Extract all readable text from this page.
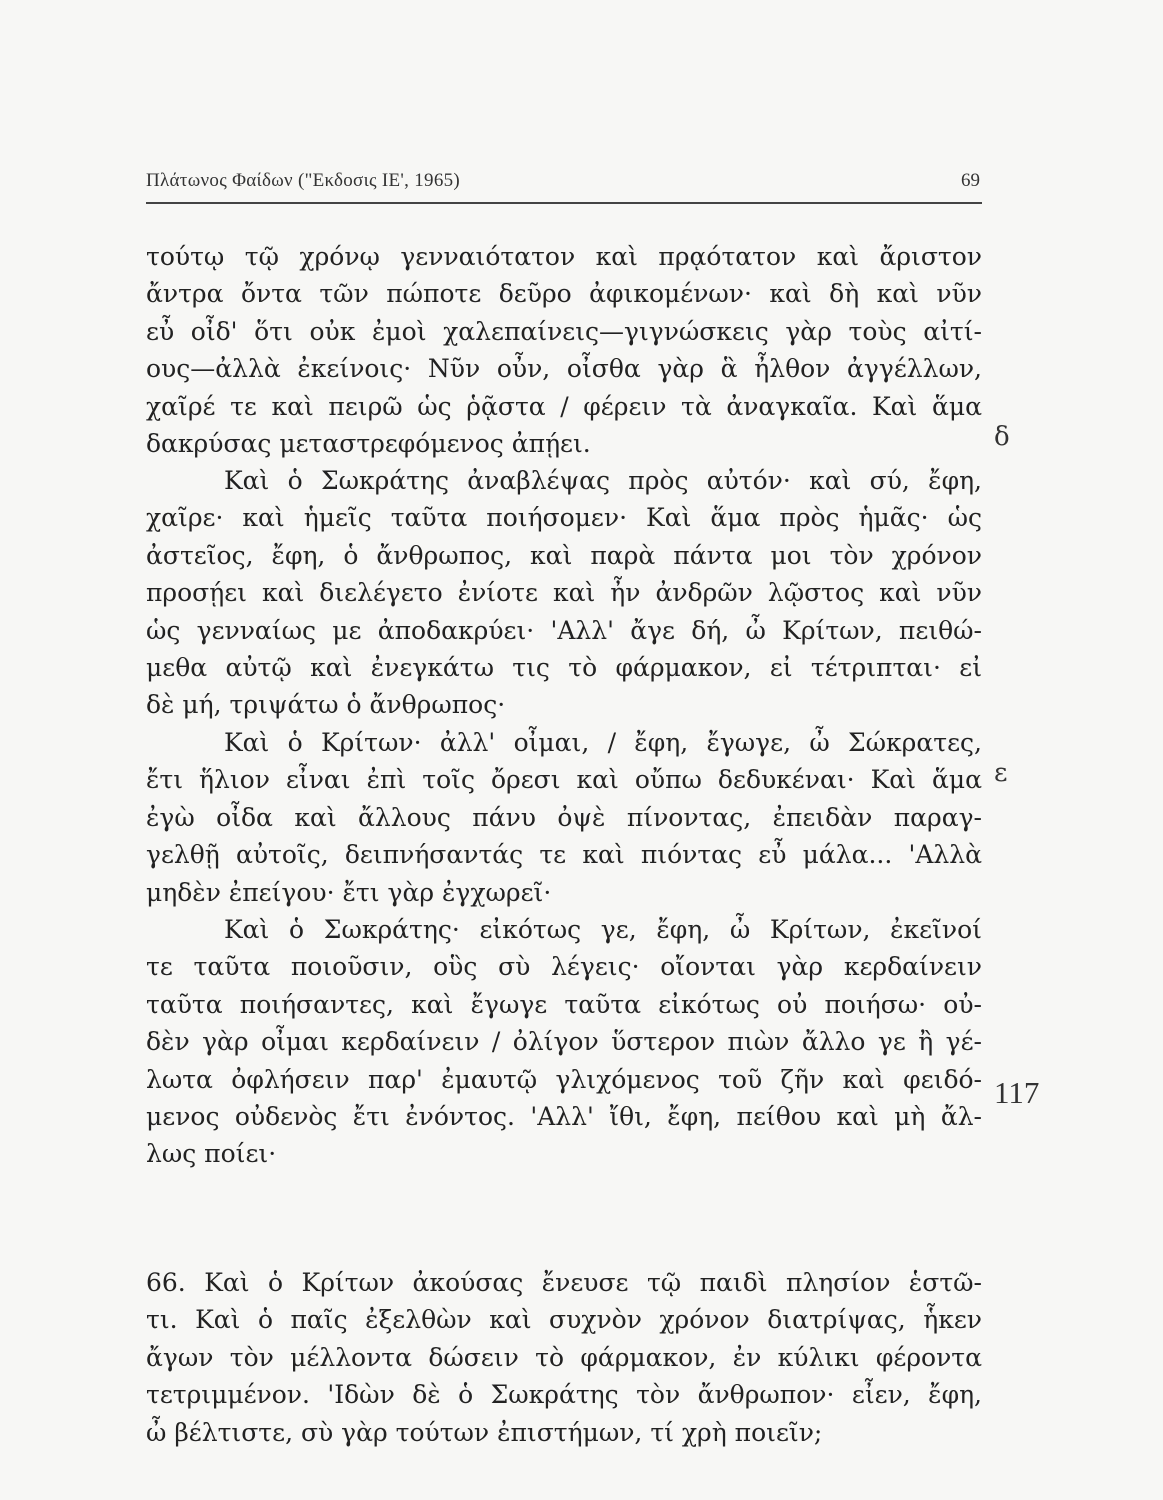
Πλάτωνος Φαίδων ("Εκδοσις ΙΕ', 1965)	69
τούτῳ τῷ χρόνῳ γενναιότατον καὶ πρᾳότατον καὶ ἄριστον
ἄντρα ὄντα τῶν πώποτε δεῦρο ἀφικομένων· καὶ δὴ καὶ νῦν
εὖ οἶδ' ὅτι οὐκ ἐμοὶ χαλεπαίνεις—γιγνώσκεις γὰρ τοὺς αἰτί-
ους—ἀλλὰ ἐκείνοις· Νῦν οὖν, οἶσθα γὰρ ἃ ἦλθον ἀγγέλλων,
χαῖρέ τε καὶ πειρῶ ὡς ῥᾷστα / φέρειν τὰ ἀναγκαῖα. Καὶ ἅμα
δακρύσας μεταστρεφόμενος ἀπῄει.
Καὶ ὁ Σωκράτης ἀναβλέψας πρὸς αὐτόν· καὶ σύ, ἔφη,
χαῖρε· καὶ ἡμεῖς ταῦτα ποιήσομεν· Καὶ ἅμα πρὸς ἡμᾶς· ὡς
ἀστεῖος, ἔφη, ὁ ἄνθρωπος, καὶ παρὰ πάντα μοι τὸν χρόνον
προσῄει καὶ διελέγετο ἐνίοτε καὶ ἦν ἀνδρῶν λῷστος καὶ νῦν
ὡς γενναίως με ἀποδακρύει· 'Αλλ' ἄγε δή, ὦ Κρίτων, πειθώ-
μεθα αὐτῷ καὶ ἐνεγκάτω τις τὸ φάρμακον, εἰ τέτριπται· εἰ
δὲ μή, τριψάτω ὁ ἄνθρωπος·
Καὶ ὁ Κρίτων· ἀλλ' οἶμαι, / ἔφη, ἔγωγε, ὦ Σώκρατες,
ἔτι ἥλιον εἶναι ἐπὶ τοῖς ὄρεσι καὶ οὔπω δεδυκέναι· Καὶ ἅμα
ἐγὼ οἶδα καὶ ἄλλους πάνυ ὀψὲ πίνοντας, ἐπειδὰν παραγ-
γελθῇ αὐτοῖς, δειπνήσαντάς τε καὶ πιόντας εὖ μάλα... 'Αλλὰ
μηδὲν ἐπείγου· ἔτι γὰρ ἐγχωρεῖ·
Καὶ ὁ Σωκράτης· εἰκότως γε, ἔφη, ὦ Κρίτων, ἐκεῖνοί
τε ταῦτα ποιοῦσιν, οὓς σὺ λέγεις· οἴονται γὰρ κερδαίνειν
ταῦτα ποιήσαντες, καὶ ἔγωγε ταῦτα εἰκότως οὐ ποιήσω· οὐ-
δὲν γὰρ οἶμαι κερδαίνειν / ὀλίγον ὕστερον πιὼν ἄλλο γε ἢ γέ-
λωτα ὀφλήσειν παρ' ἐμαυτῷ γλιχόμενος τοῦ ζῆν καὶ φειδό-
μενος οὐδενὸς ἔτι ἐνόντος. 'Αλλ' ἴθι, ἔφη, πείθου καὶ μὴ ἄλ-
λως ποίει·
66. Καὶ ὁ Κρίτων ἀκούσας ἔνευσε τῷ παιδὶ πλησίον ἑστῶ-
τι. Καὶ ὁ παῖς ἐξελθὼν καὶ συχνὸν χρόνον διατρίψας, ἧκεν
ἄγων τὸν μέλλοντα δώσειν τὸ φάρμακον, ἐν κύλικι φέροντα
τετριμμένον. 'Ιδὼν δὲ ὁ Σωκράτης τὸν ἄνθρωπον· εἶεν, ἔφη,
ὦ βέλτιστε, σὺ γὰρ τούτων ἐπιστήμων, τί χρὴ ποιεῖν;
δ
ε
117
